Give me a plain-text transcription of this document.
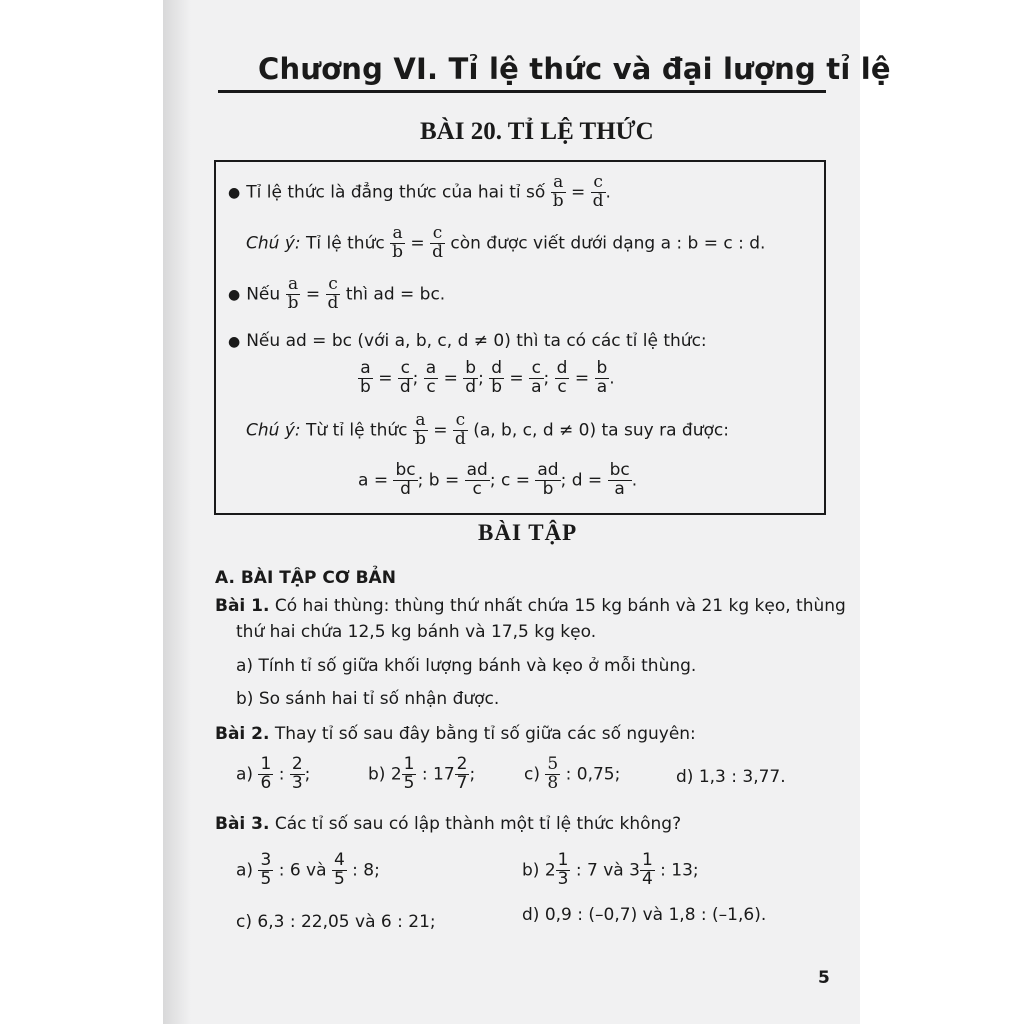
Chương VI. Tỉ lệ thức và đại lượng tỉ lệ
BÀI 20. TỈ LỆ THỨC
● Tỉ lệ thức là đẳng thức của hai tỉ số $\frac{a}{b} = \frac{c}{d}$ .
Chú ý: Tỉ lệ thức $\frac{a}{b} = \frac{c}{d}$ còn được viết dưới dạng a : b = c : d.
● Nếu $\frac{a}{b} = \frac{c}{d}$ thì ad = bc.
● Nếu ad = bc (với a, b, c, d ≠ 0) thì ta có các tỉ lệ thức:
$\frac{a}{b} = \frac{c}{d}$ ; $\frac{a}{c} = \frac{b}{d}$ ; $\frac{d}{b} = \frac{c}{a}$ ; $\frac{d}{c} = \frac{b}{a}$ .
Chú ý: Từ tỉ lệ thức $\frac{a}{b} = \frac{c}{d} (a$, b, c, d ≠ 0) ta suy ra được:
$a = \frac{bc}{d}$ ; $b = \frac{ad}{c}$ ; $c = \frac{ad}{b}$ ; $d = \frac{bc}{a}$ .
BÀI TẬP
A. BÀI TẬP CƠ BẢN
Bài 1. Có hai thùng: thùng thứ nhất chứa 15 kg bánh và 21 kg kẹo, thùng
thứ hai chứa 12,5 kg bánh và 17,5 kg kẹo.
a) Tính tỉ số giữa khối lượng bánh và kẹo ở mỗi thùng.
b) So sánh hai tỉ số nhận được.
Bài 2. Thay tỉ số sau đây bằng tỉ số giữa các số nguyên:
$a) \frac{1}{6}$ : $\frac{2}{3}$ ;	b) $2 \frac{1}{5}$ : $17 \frac{2}{7}$ ;	$c) \frac{5}{8}$ : 0,75;	d) 1,3 : 3,77.
Bài 3. Các tỉ số sau có lập thành một tỉ lệ thức không?
$a) \frac{3}{5}$ : 6 và $\frac{4}{5}$ : 8;	b) $2 \frac{1}{3}$ : 7 và $3 \frac{1}{4}$ : 13;
c) 6,3 : 22,05 và 6 : 21;	d) 0,9 : (–0,7) và 1,8 : (–1,6).
5
